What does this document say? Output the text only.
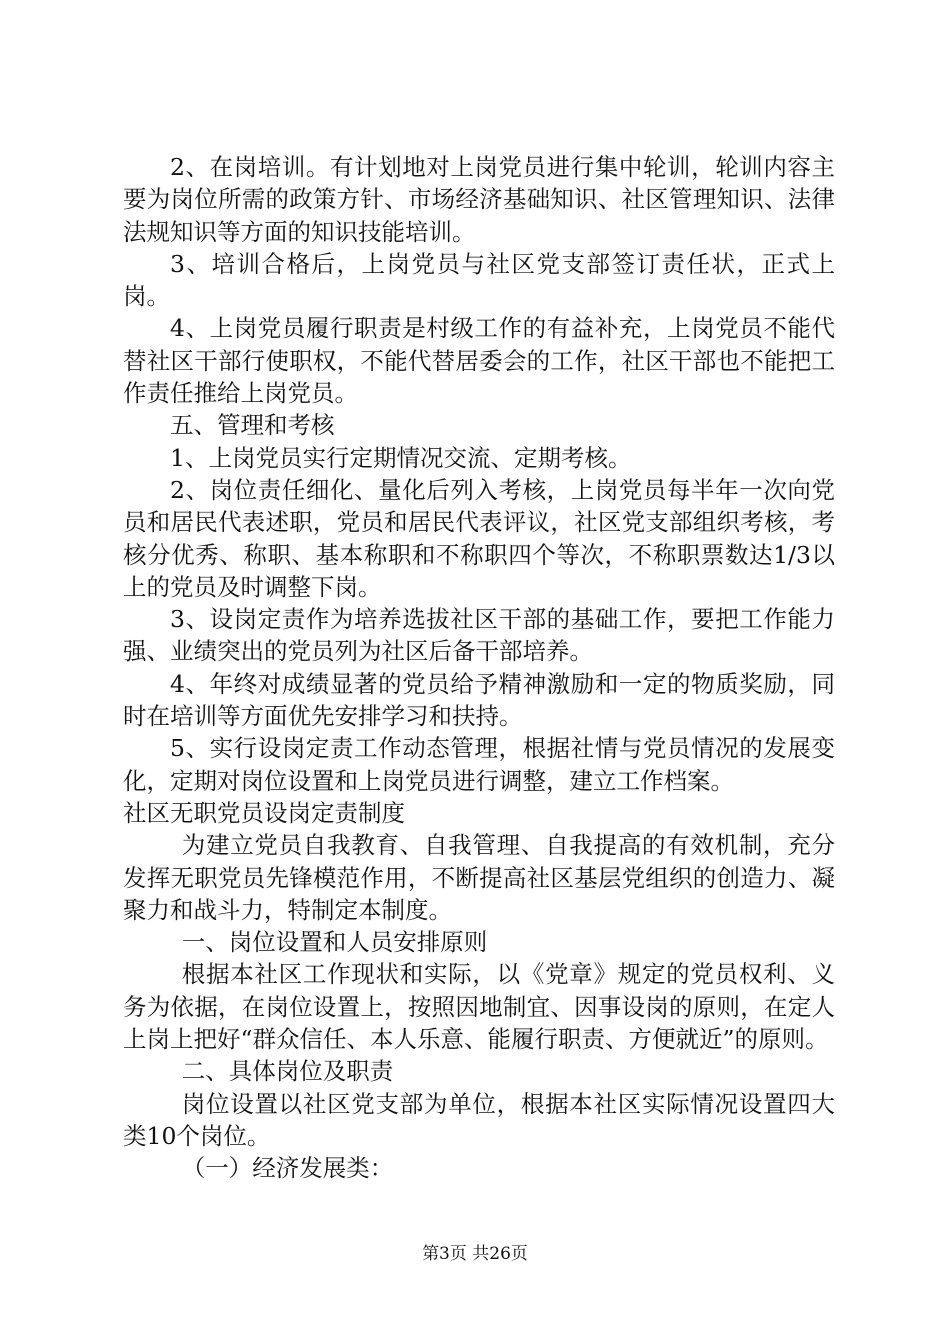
2、在岗培训。有计划地对上岗党员进行集中轮训，轮训内容主要为岗位所需的政策方针、市场经济基础知识、社区管理知识、法律法规知识等方面的知识技能培训。

3、培训合格后，上岗党员与社区党支部签订责任状，正式上岗。

4、上岗党员履行职责是村级工作的有益补充，上岗党员不能代替社区干部行使职权，不能代替居委会的工作，社区干部也不能把工作责任推给上岗党员。

五、管理和考核

1、上岗党员实行定期情况交流、定期考核。

2、岗位责任细化、量化后列入考核，上岗党员每半年一次向党员和居民代表述职，党员和居民代表评议，社区党支部组织考核，考核分优秀、称职、基本称职和不称职四个等次，不称职票数达1/3以上的党员及时调整下岗。

3、设岗定责作为培养选拔社区干部的基础工作，要把工作能力强、业绩突出的党员列为社区后备干部培养。

4、年终对成绩显著的党员给予精神激励和一定的物质奖励，同时在培训等方面优先安排学习和扶持。

5、实行设岗定责工作动态管理，根据社情与党员情况的发展变化，定期对岗位设置和上岗党员进行调整，建立工作档案。

社区无职党员设岗定责制度

为建立党员自我教育、自我管理、自我提高的有效机制，充分发挥无职党员先锋模范作用，不断提高社区基层党组织的创造力、凝聚力和战斗力，特制定本制度。

一、岗位设置和人员安排原则

根据本社区工作现状和实际，以《党章》规定的党员权利、义务为依据，在岗位设置上，按照因地制宜、因事设岗的原则，在定人上岗上把好“群众信任、本人乐意、能履行职责、方便就近”的原则。

二、具体岗位及职责

岗位设置以社区党支部为单位，根据本社区实际情况设置四大类10个岗位。

（一）经济发展类：

第3页 共26页
